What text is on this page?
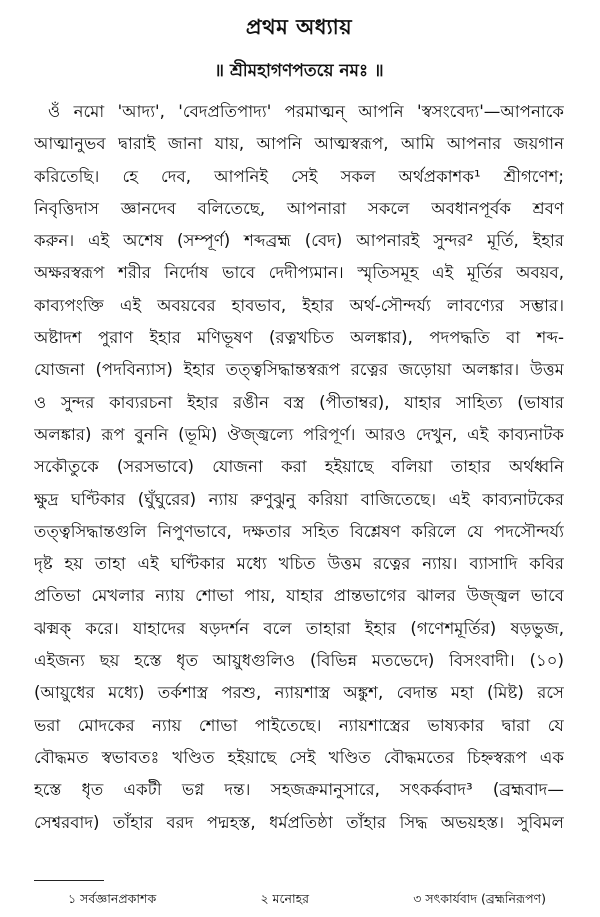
প্রথম অধ্যায়
॥ শ্রীমহাগণপতয়ে নমঃ ॥
ওঁ নমো 'আদ্য', 'বেদপ্রতিপাদ্য' পরমাত্মন্ আপনি 'স্বসংবেদ্য'—আপনাকে
আত্মানুভব দ্বারাই জানা যায়, আপনি আত্মস্বরূপ, আমি আপনার জয়গান
করিতেছি। হে দেব, আপনিই সেই সকল অর্থপ্রকাশক¹ শ্রীগণেশ;
নিবৃত্তিদাস জ্ঞানদেব বলিতেছে, আপনারা সকলে অবধানপূর্বক শ্রবণ
করুন। এই অশেষ (সম্পূর্ণ) শব্দব্রহ্ম (বেদ) আপনারই সুন্দর² মূর্তি, ইহার
অক্ষরস্বরূপ শরীর নির্দোষ ভাবে দেদীপ্যমান। স্মৃতিসমূহ এই মূর্তির অবয়ব,
কাব্যপংক্তি এই অবয়বের হাবভাব, ইহার অর্থ-সৌন্দর্য্য লাবণ্যের সম্ভার।
অষ্টাদশ পুরাণ ইহার মণিভূষণ (রত্নখচিত অলঙ্কার), পদপদ্ধতি বা শব্দ-
যোজনা (পদবিন্যাস) ইহার তত্ত্বসিদ্ধান্তস্বরূপ রত্নের জড়োয়া অলঙ্কার। উত্তম
ও সুন্দর কাব্যরচনা ইহার রঙীন বস্ত্র (পীতাম্বর), যাহার সাহিত্য (ভাষার
অলঙ্কার) রূপ বুননি (ভূমি) ঔজ্জ্বল্যে পরিপূর্ণ। আরও দেখুন, এই কাব্যনাটক
সকৌতুকে (সরসভাবে) যোজনা করা হইয়াছে বলিয়া তাহার অর্থধ্বনি
ক্ষুদ্র ঘণ্টিকার (ঘুঁঘুরের) ন্যায় রুণুঝুনু করিয়া বাজিতেছে। এই কাব্যনাটকের
তত্ত্বসিদ্ধান্তগুলি নিপুণভাবে, দক্ষতার সহিত বিশ্লেষণ করিলে যে পদসৌন্দর্য্য
দৃষ্ট হয় তাহা এই ঘণ্টিকার মধ্যে খচিত উত্তম রত্নের ন্যায়। ব্যাসাদি কবির
প্রতিভা মেখলার ন্যায় শোভা পায়, যাহার প্রান্তভাগের ঝালর উজ্জ্বল ভাবে
ঝক্মক্ করে। যাহাদের ষড়দর্শন বলে তাহারা ইহার (গণেশমূর্তির) ষড়ভুজ,
এইজন্য ছয় হস্তে ধৃত আয়ুধগুলিও (বিভিন্ন মতভেদে) বিসংবাদী। (১০)
(আয়ুধের মধ্যে) তর্কশাস্ত্র পরশু, ন্যায়শাস্ত্র অঙ্কুশ, বেদান্ত মহা (মিষ্ট) রসে
ভরা মোদকের ন্যায় শোভা পাইতেছে। ন্যায়শাস্ত্রের ভাষ্যকার দ্বারা যে
বৌদ্ধমত স্বভাবতঃ খণ্ডিত হইয়াছে সেই খণ্ডিত বৌদ্ধমতের চিহ্নস্বরূপ এক
হস্তে ধৃত একটী ভগ্ন দন্ত। সহজক্রমানুসারে, সৎকর্কবাদ³ (ব্রহ্মবাদ—
সেশ্বরবাদ) তাঁহার বরদ পদ্মহস্ত, ধর্মপ্রতিষ্ঠা তাঁহার সিদ্ধ অভয়হস্ত। সুবিমল
১ সর্বজ্ঞানপ্রকাশক	২ মনোহর	৩ সৎকার্যবাদ (ব্রহ্মনিরূপণ)
